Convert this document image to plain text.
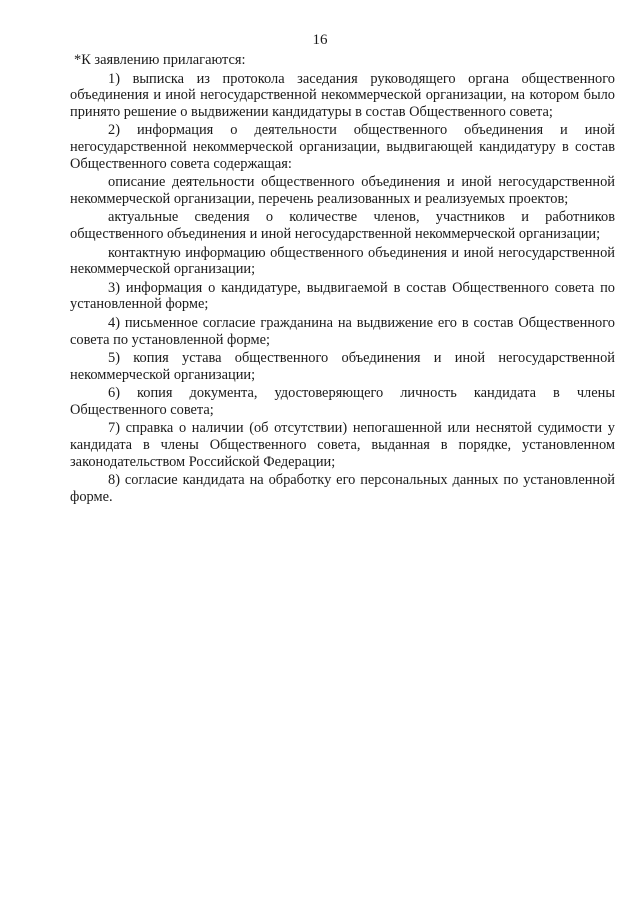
16

*К заявлению прилагаются:

1) выписка из протокола заседания руководящего органа общественного объединения и иной негосударственной некоммерческой организации, на котором было принято решение о выдвижении кандидатуры в состав Общественного совета;

2) информация о деятельности общественного объединения и иной негосударственной некоммерческой организации, выдвигающей кандидатуру в состав Общественного совета содержащая:

описание деятельности общественного объединения и иной негосударственной некоммерческой организации, перечень реализованных и реализуемых проектов;

актуальные сведения о количестве членов, участников и работников общественного объединения и иной негосударственной некоммерческой организации;

контактную информацию общественного объединения и иной негосударственной некоммерческой организации;

3) информация о кандидатуре, выдвигаемой в состав Общественного совета по установленной форме;

4) письменное согласие гражданина на выдвижение его в состав Общественного совета по установленной форме;

5) копия устава общественного объединения и иной негосударственной некоммерческой организации;

6) копия документа, удостоверяющего личность кандидата в члены Общественного совета;

7) справка о наличии (об отсутствии) непогашенной или неснятой судимости у кандидата в члены Общественного совета, выданная в порядке, установленном законодательством Российской Федерации;

8) согласие кандидата на обработку его персональных данных по установленной форме.
